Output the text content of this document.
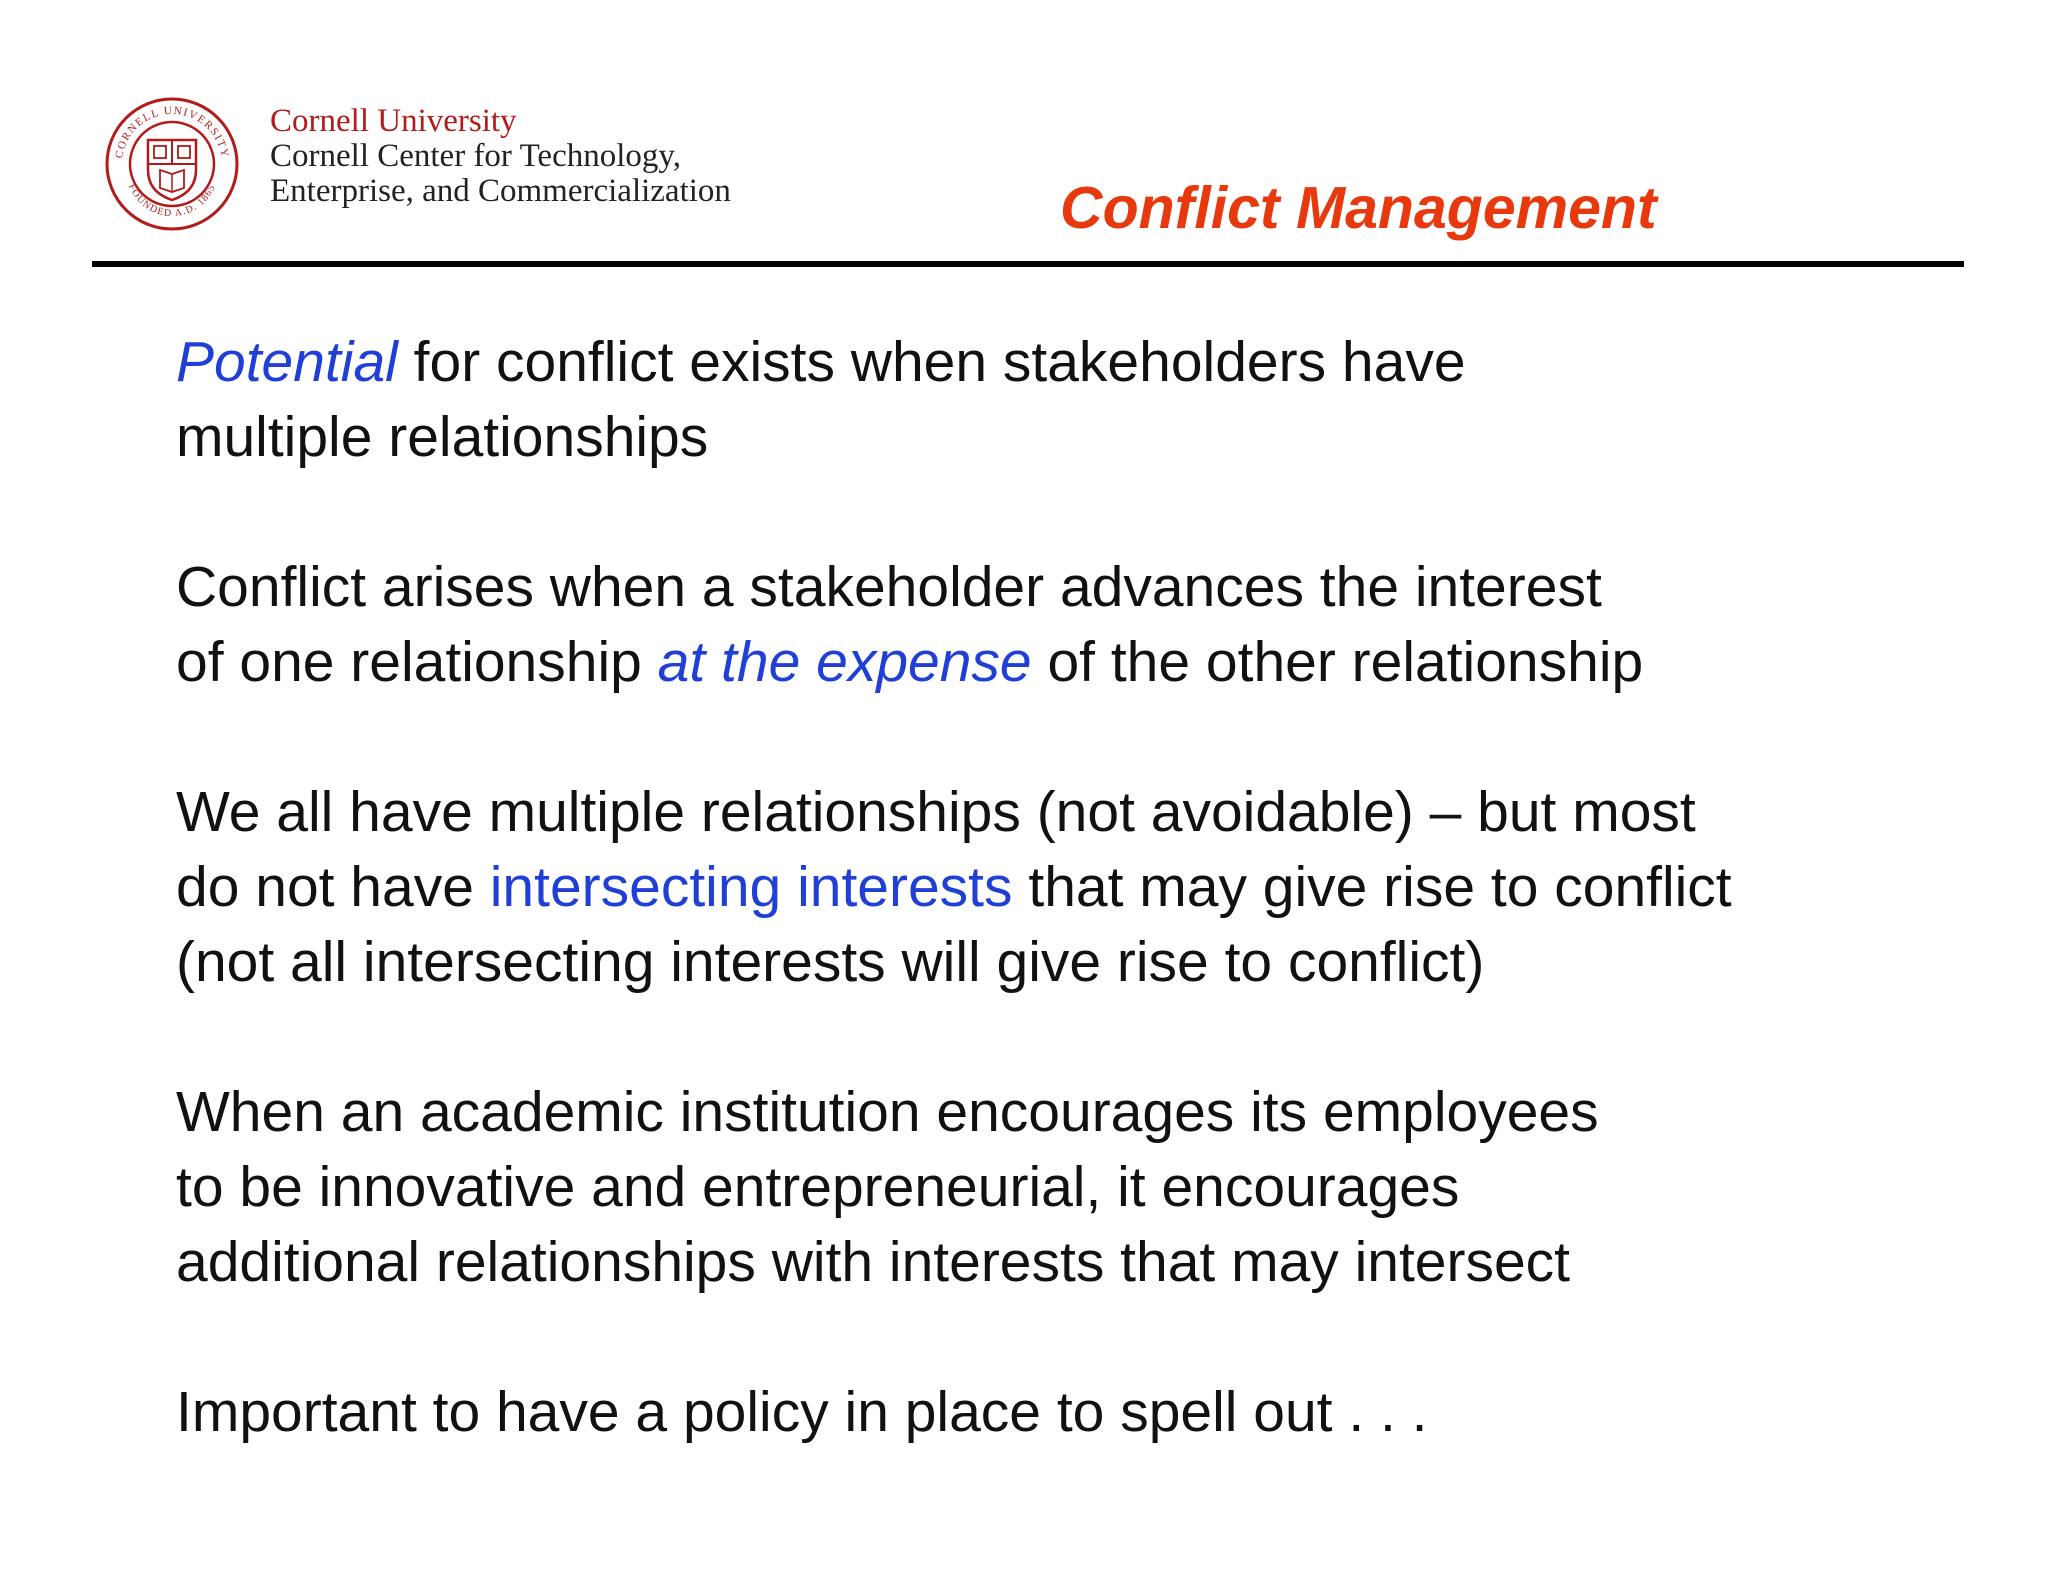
CORNELL UNIVERSITY
FOUNDED A.D. 1865
Cornell University
Cornell Center for Technology,
Enterprise, and Commercialization	Conflict Management

Potential for conflict exists when stakeholders have
multiple relationships

Conflict arises when a stakeholder advances the interest
of one relationship at the expense of the other relationship

We all have multiple relationships (not avoidable) – but most
do not have intersecting interests that may give rise to conflict
(not all intersecting interests will give rise to conflict)

When an academic institution encourages its employees
to be innovative and entrepreneurial, it encourages
additional relationships with interests that may intersect

Important to have a policy in place to spell out . . .
